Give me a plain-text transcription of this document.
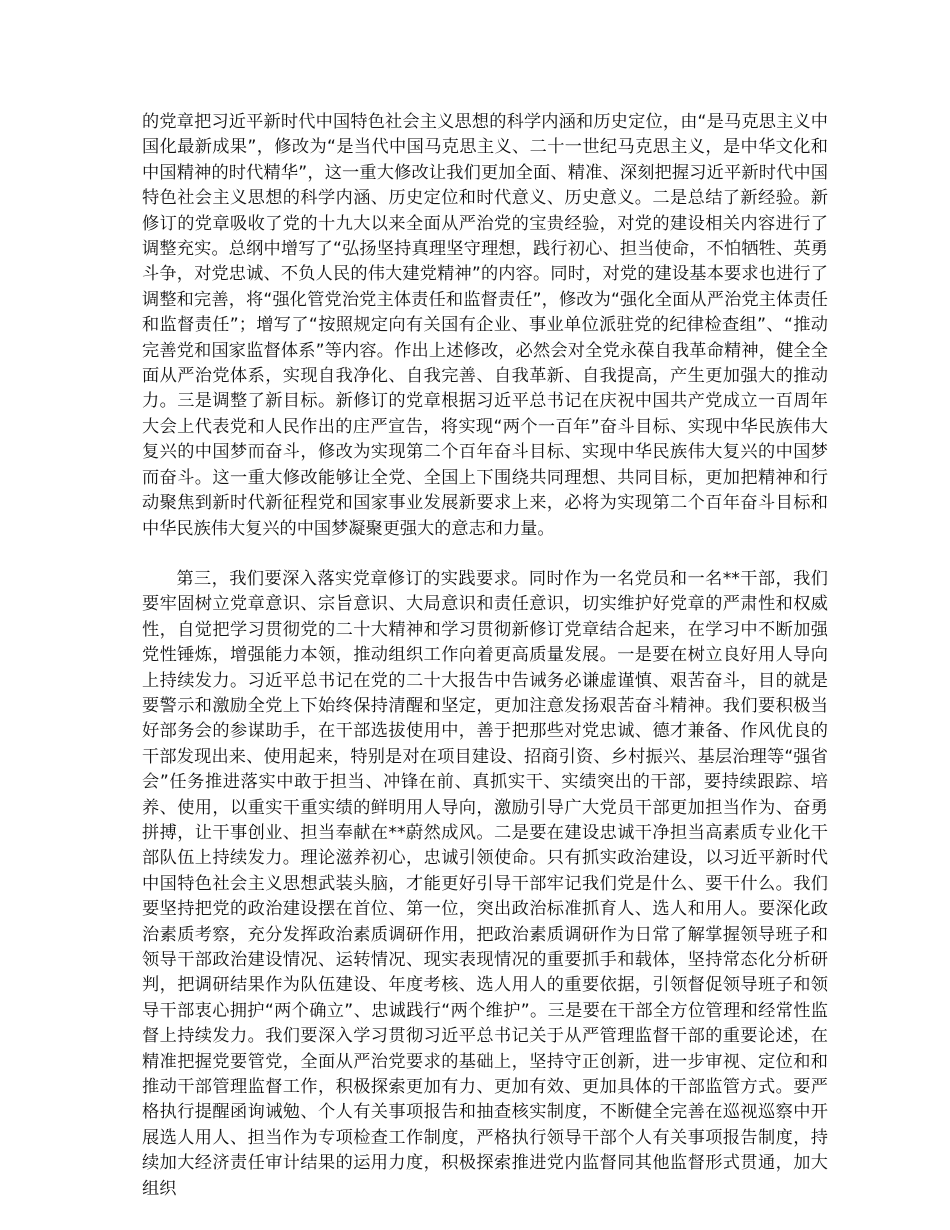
的党章把习近平新时代中国特色社会主义思想的科学内涵和历史定位，由“是马克思主义中国化最新成果”，修改为“是当代中国马克思主义、二十一世纪马克思主义，是中华文化和中国精神的时代精华”，这一重大修改让我们更加全面、精准、深刻把握习近平新时代中国特色社会主义思想的科学内涵、历史定位和时代意义、历史意义。二是总结了新经验。新修订的党章吸收了党的十九大以来全面从严治党的宝贵经验，对党的建设相关内容进行了调整充实。总纲中增写了“弘扬坚持真理坚守理想，践行初心、担当使命，不怕牺牲、英勇斗争，对党忠诚、不负人民的伟大建党精神”的内容。同时，对党的建设基本要求也进行了调整和完善，将“强化管党治党主体责任和监督责任”，修改为“强化全面从严治党主体责任和监督责任”；增写了“按照规定向有关国有企业、事业单位派驻党的纪律检查组”、“推动完善党和国家监督体系”等内容。作出上述修改，必然会对全党永葆自我革命精神，健全全面从严治党体系，实现自我净化、自我完善、自我革新、自我提高，产生更加强大的推动力。三是调整了新目标。新修订的党章根据习近平总书记在庆祝中国共产党成立一百周年大会上代表党和人民作出的庄严宣告，将实现“两个一百年”奋斗目标、实现中华民族伟大复兴的中国梦而奋斗，修改为实现第二个百年奋斗目标、实现中华民族伟大复兴的中国梦而奋斗。这一重大修改能够让全党、全国上下围绕共同理想、共同目标，更加把精神和行动聚焦到新时代新征程党和国家事业发展新要求上来，必将为实现第二个百年奋斗目标和中华民族伟大复兴的中国梦凝聚更强大的意志和力量。

第三，我们要深入落实党章修订的实践要求。同时作为一名党员和一名**干部，我们要牢固树立党章意识、宗旨意识、大局意识和责任意识，切实维护好党章的严肃性和权威性，自觉把学习贯彻党的二十大精神和学习贯彻新修订党章结合起来，在学习中不断加强党性锤炼，增强能力本领，推动组织工作向着更高质量发展。一是要在树立良好用人导向上持续发力。习近平总书记在党的二十大报告中告诫务必谦虚谨慎、艰苦奋斗，目的就是要警示和激励全党上下始终保持清醒和坚定，更加注意发扬艰苦奋斗精神。我们要积极当好部务会的参谋助手，在干部选拔使用中，善于把那些对党忠诚、德才兼备、作风优良的干部发现出来、使用起来，特别是对在项目建设、招商引资、乡村振兴、基层治理等“强省会”任务推进落实中敢于担当、冲锋在前、真抓实干、实绩突出的干部，要持续跟踪、培养、使用，以重实干重实绩的鲜明用人导向，激励引导广大党员干部更加担当作为、奋勇拼搏，让干事创业、担当奉献在**蔚然成风。二是要在建设忠诚干净担当高素质专业化干部队伍上持续发力。理论滋养初心，忠诚引领使命。只有抓实政治建设，以习近平新时代中国特色社会主义思想武装头脑，才能更好引导干部牢记我们党是什么、要干什么。我们要坚持把党的政治建设摆在首位、第一位，突出政治标准抓育人、选人和用人。要深化政治素质考察，充分发挥政治素质调研作用，把政治素质调研作为日常了解掌握领导班子和领导干部政治建设情况、运转情况、现实表现情况的重要抓手和载体，坚持常态化分析研判，把调研结果作为队伍建设、年度考核、选人用人的重要依据，引领督促领导班子和领导干部衷心拥护“两个确立”、忠诚践行“两个维护”。三是要在干部全方位管理和经常性监督上持续发力。我们要深入学习贯彻习近平总书记关于从严管理监督干部的重要论述，在精准把握党要管党，全面从严治党要求的基础上，坚持守正创新，进一步审视、定位和和推动干部管理监督工作，积极探索更加有力、更加有效、更加具体的干部监管方式。要严格执行提醒函询诫勉、个人有关事项报告和抽查核实制度，不断健全完善在巡视巡察中开展选人用人、担当作为专项检查工作制度，严格执行领导干部个人有关事项报告制度，持续加大经济责任审计结果的运用力度，积极探索推进党内监督同其他监督形式贯通，加大组织
